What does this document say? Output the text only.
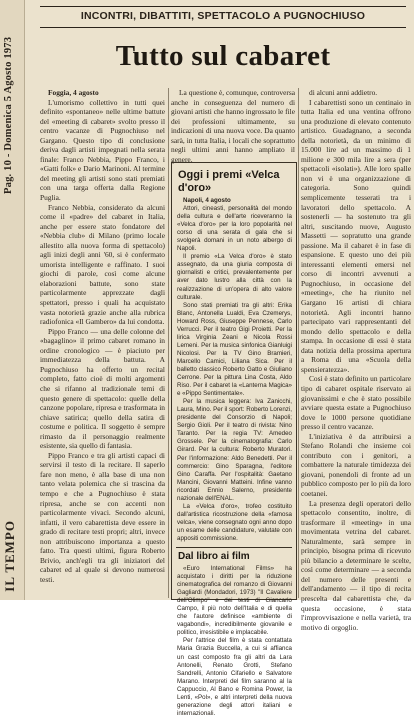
Pag. 10 - Domenica 5 Agosto 1973
IL TEMPO
INCONTRI, DIBATTITI, SPETTACOLO A PUGNOCHIUSO
Tutto sul cabaret

Foggia, 4 agosto

L'umorismo collettivo in tutti quei definito «spontaneo» nelle ultime battute del «meeting di cabaret» svolto presso il centro vacanze di Pugnochiuso nel Gargano. Questo tipo di conclusione deriva dagli artisti impegnati nella serata finale: Franco Nebbia, Pippo Franco, i «Gatti folk» e Dario Marinoni. Al termine del meeting gli artisti sono stati premiati con una targa offerta dalla Regione Puglia.

Franco Nebbia, considerato da alcuni come il «padre» del cabaret in Italia, anche per essere stato fondatore del «Nebbia club» di Milano (primo locale allestito alla nuova forma di spettacolo) agli inizi degli anni '60, si è confermato umorista intelligente e raffinato. I suoi giochi di parole, così come alcune elaborazioni battute, sono state particolarmente apprezzate dagli spettatori, presso i quali ha acquistato vasta notorietà grazie anche alla rubrica radiofonica «Il Gambero» da lui condotta.

Pippo Franco — una delle colonne del «bagaglino» il primo cabaret romano in ordine cronologico — è piaciuto per immediatezza della battuta. A Pugnochiuso ha offerto un recital completo, fatto cioè di molti argomenti che si rifanno al tradizionale temi di questo genere di spettacolo: quelle della canzone popolare, ripresa e trasformata in chiave satirica; quello della satira di costume e politica. Il soggetto è sempre rimasto da il personaggio realmente esistente, sia quello di fantasia.

Pippo Franco e tra gli artisti capaci di servirsi il testo di la recitare. Il saperlo fare non meno, è alla base di una non tanto velata polemica che si trascina da tempo e che a Pugnochiuso è stata ripresa, anche se con accenti non particolarmente vivaci. Secondo alcuni, infatti, il vero cabarettista deve essere in grado di recitare testi propri; altri, invece non attribuiscono importanza a questo fatto. Tra questi ultimi, figura Roberto Brivio, anch'egli tra gli iniziatori del cabaret ed al quale si devono numerosi testi.

La questione è, comunque, controversa anche in conseguenza del numero di giovani artisti che hanno ingrossato le file dei professioni ultimamente, su indicazioni di una nuova voce. Da quanto sarà, in tutta Italia, i locali che soprattutto negli ultimi anni hanno ampliato il genere.

Oggi i premi «Velca d'oro»

Napoli, 4 agosto

Attori, cineasti, personalità del mondo della cultura e dell'arte riceveranno la «Velca d'oro» per la loro popolarità nel corso di una serata di gala che si svolgerà domani in un noto albergo di Napoli.

Il premio «La Velca d'oro» è stato assegnato, da una giuria composta di giornalisti e critici, prevalentemente per aver dato lustro alla città con la realizzazione di un'opera di alto valore culturale.

Sono stati premiati tra gli altri: Erika Blanc, Antonella Lualdi, Eva Czemerys, Howard Ross, Giuseppe Pennese, Carlo Verrucci. Per il teatro Gigi Proietti. Per la lirica Virginia Zeani e Nicola Rossi Lemeni. Per la musica sinfonica Gianluigi Nicolosi. Per la TV Gino Bramieri, Marcello Camici, Liliana Sica. Per il balletto classico Roberto Gatto e Giuliano Cerrone. Per la pittura Lina Costa, Aldo Riso. Per il cabaret la «Lanterna Magica» e «Pippo Sentimentale».

Per la musica leggera: Iva Zanicchi, Laura, Mino. Per il sport: Roberto Lorenzi, presidente del Consorzio di Napoli; Sergio Gioli. Per il teatro di rivista: Nino Taranto. Per la regia TV: Amedeo Grossele. Per la cinematografia: Carlo Girard. Per la cultura: Roberto Muratori. Per l'informazione: Aldo Benedetti. Per il commercio: Gino Sparagna, l'editore Gino Caraffa. Per l'ospitalità: Gaetano Mancini, Giovanni Matteini. Infine vanno ricordati Ennio Salerno, presidente nazionale dell'ENAL.

La «Velca d'oro», trofeo costituito dall'artistica ricostruzione della «famosa velca», viene consegnato ogni anno dopo un esame delle candidature, valutate con appositi commissione.

Dal libro ai film

«Euro International Films» ha acquistato i diritti per la riduzione cinematografica del romanzo di Giovanni Gagliardi (Mondadori, 1973) "Il Cavaliere dell'Olimpo" e dei testi di Giancarlo Campo, il più noto dell'Italia e di quella che l'autore definisce «ambiente di vagabondi», incredibilmente giovanile e politico, irresistibile e implacabile.

Per l'attrice del film è stata contattata Maria Grazia Buccella, a cui si affianca un cast composto fra gli altri da Lara Antonelli, Renato Grotti, Stefano Sandrelli, Antonio Cifariello e Salvatore Marano. Interpreti del film saranno al la Cappuccio, Al Bano e Romina Power, la Lenti, «Pol», e altri interpreti della nuova generazione degli attori italiani e internazionali.

di alcuni anni addietro.

I cabarettisti sono un centinaio in tutta Italia ed una ventina offrono una produzione di elevato contenuto artistico. Guadagnano, a seconda della notorietà, da un minimo di 15.000 lire ad un massimo di 1 milione e 300 mila lire a sera (per spettacoli «isolati»). Alle loro spalle non vi è una organizzazione di categoria. Sono quindi semplicemente tesserati tra i lavoratori dello spettacolo. A sostenerli — ha sostenuto tra gli altri, suscitando nuove, Augusto Massetti — sopratutto una grande passione. Ma il cabaret è in fase di espansione. E questo uno dei più interessanti elementi emersi nel corso di incontri avvenuti a Pugnochiuso, in occasione del «meeting», che ha riunito nel Gargano 16 artisti di chiara notorietà. Agli incontri hanno partecipato vari rappresentanti del mondo dello spettacolo e della stampa. In occasione di essi è stata data notizia della prossima apertura a Roma di una «Scuola della spensieratezza».

Così è stato definito un particolare tipo di cabaret ospitale riservato ai giovanissimi e che è stato possibile avviare questa estate a Pugnochiuso dove le 1000 persone quotidiane presso il centro vacanze.

L'iniziativa è da attribuirsi a Stefano Rolandi che insieme coi contributo con i genitori, a combattere la naturale timidezza dei giovani, ponendoli di fronte ad un pubblico composto per lo più da loro coetanei.

La presenza degli operatori dello spettacolo consentito, inoltre, di trasformare il «meeting» in una movimentata vetrina del cabaret. Naturalmente, sarà sempre in principio, bisogna prima di ricevuto più bilancio a determinare le scelte, così come determinare — a seconda del numero delle presenti e dell'andamento — il tipo di recita prescelta dal cabarettista che, da questa occasione, è stata l'improvvisazione e nella varietà, tra motivo di orgoglio.
